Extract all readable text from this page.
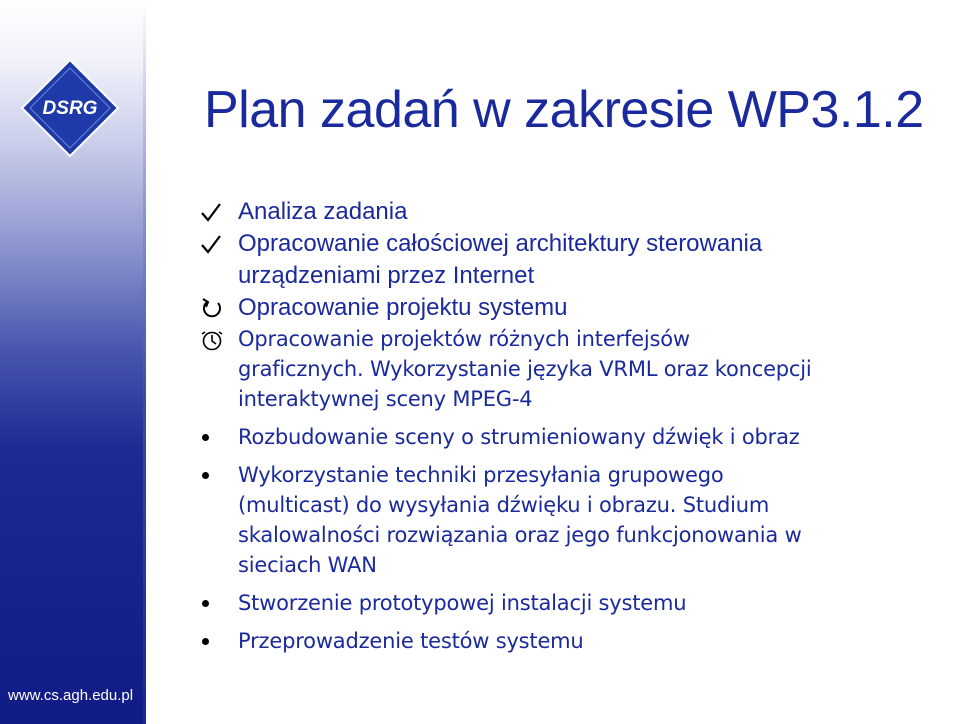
DSRG
www.cs.agh.edu.pl
Plan zadań w zakresie WP3.1.2
Analiza zadania
Opracowanie całościowej architektury sterowania
urządzeniami przez Internet
Opracowanie projektu systemu
Opracowanie projektów różnych interfejsów
graficznych. Wykorzystanie języka VRML oraz koncepcji
interaktywnej sceny MPEG-4
Rozbudowanie sceny o strumieniowany dźwięk i obraz
Wykorzystanie techniki przesyłania grupowego
(multicast) do wysyłania dźwięku i obrazu. Studium
skalowalności rozwiązania oraz jego funkcjonowania w
sieciach WAN
Stworzenie prototypowej instalacji systemu
Przeprowadzenie testów systemu
